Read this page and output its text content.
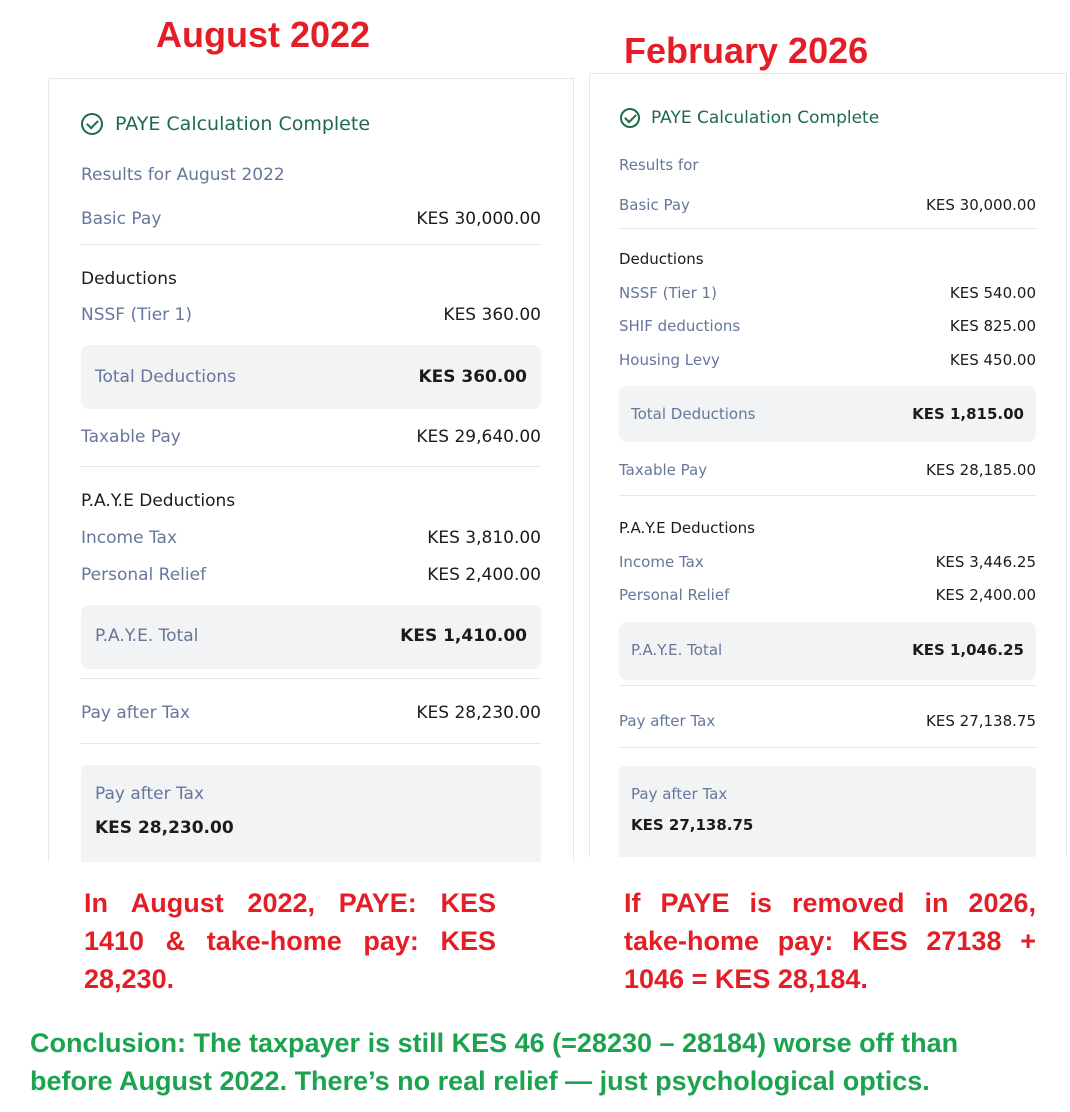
August 2022	February 2026
PAYE Calculation Complete
Results for August 2022
Basic Pay	KES 30,000.00
Deductions
NSSF (Tier 1)	KES 360.00
Total Deductions	KES 360.00
Taxable Pay	KES 29,640.00
P.A.Y.E Deductions
Income Tax	KES 3,810.00
Personal Relief	KES 2,400.00
P.A.Y.E. Total	KES 1,410.00
Pay after Tax	KES 28,230.00
Pay after Tax
KES 28,230.00
PAYE Calculation Complete
Results for
Basic Pay	KES 30,000.00
Deductions
NSSF (Tier 1)	KES 540.00
SHIF deductions	KES 825.00
Housing Levy	KES 450.00
Total Deductions	KES 1,815.00
Taxable Pay	KES 28,185.00
P.A.Y.E Deductions
Income Tax	KES 3,446.25
Personal Relief	KES 2,400.00
P.A.Y.E. Total	KES 1,046.25
Pay after Tax	KES 27,138.75
Pay after Tax
KES 27,138.75
In August 2022, PAYE: KES 1410 & take-home pay: KES 28,230.
If PAYE is removed in 2026, take-home pay: KES 27138 + 1046 = KES 28,184.
Conclusion: The taxpayer is still KES 46 (=28230 – 28184) worse off than
before August 2022. There’s no real relief — just psychological optics.
